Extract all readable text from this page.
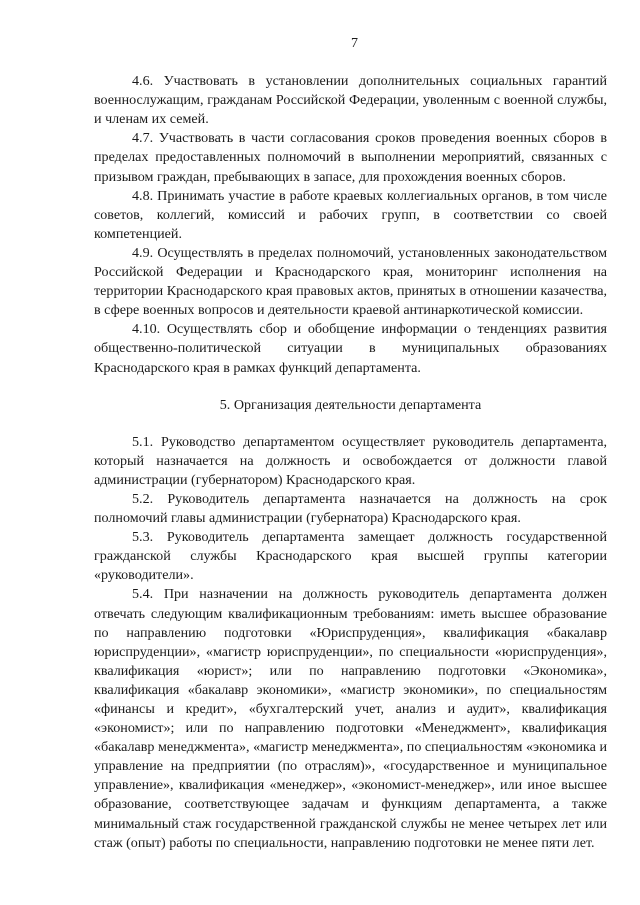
7

4.6. Участвовать в установлении дополнительных социальных гарантий военнослужащим, гражданам Российской Федерации, уволенным с военной службы, и членам их семей.

4.7. Участвовать в части согласования сроков проведения военных сборов в пределах предоставленных полномочий в выполнении мероприятий, связанных с призывом граждан, пребывающих в запасе, для прохождения военных сборов.

4.8. Принимать участие в работе краевых коллегиальных органов, в том числе советов, коллегий, комиссий и рабочих групп, в соответствии со своей компетенцией.

4.9. Осуществлять в пределах полномочий, установленных законодательством Российской Федерации и Краснодарского края, мониторинг исполнения на территории Краснодарского края правовых актов, принятых в отношении казачества, в сфере военных вопросов и деятельности краевой антинаркотической комиссии.

4.10. Осуществлять сбор и обобщение информации о тенденциях развития общественно-политической ситуации в муниципальных образованиях Краснодарского края в рамках функций департамента.

5. Организация деятельности департамента

5.1. Руководство департаментом осуществляет руководитель департамента, который назначается на должность и освобождается от должности главой администрации (губернатором) Краснодарского края.

5.2. Руководитель департамента назначается на должность на срок полномочий главы администрации (губернатора) Краснодарского края.

5.3. Руководитель департамента замещает должность государственной гражданской службы Краснодарского края высшей группы категории «руководители».

5.4. При назначении на должность руководитель департамента должен отвечать следующим квалификационным требованиям: иметь высшее образование по направлению подготовки «Юриспруденция», квалификация «бакалавр юриспруденции», «магистр юриспруденции», по специальности «юриспруденция», квалификация «юрист»; или по направлению подготовки «Экономика», квалификация «бакалавр экономики», «магистр экономики», по специальностям «финансы и кредит», «бухгалтерский учет, анализ и аудит», квалификация «экономист»; или по направлению подготовки «Менеджмент», квалификация «бакалавр менеджмента», «магистр менеджмента», по специальностям «экономика и управление на предприятии (по отраслям)», «государственное и муниципальное управление», квалификация «менеджер», «экономист-менеджер», или иное высшее образование, соответствующее задачам и функциям департамента, а также минимальный стаж государственной гражданской службы не менее четырех лет или стаж (опыт) работы по специальности, направлению подготовки не менее пяти лет.
